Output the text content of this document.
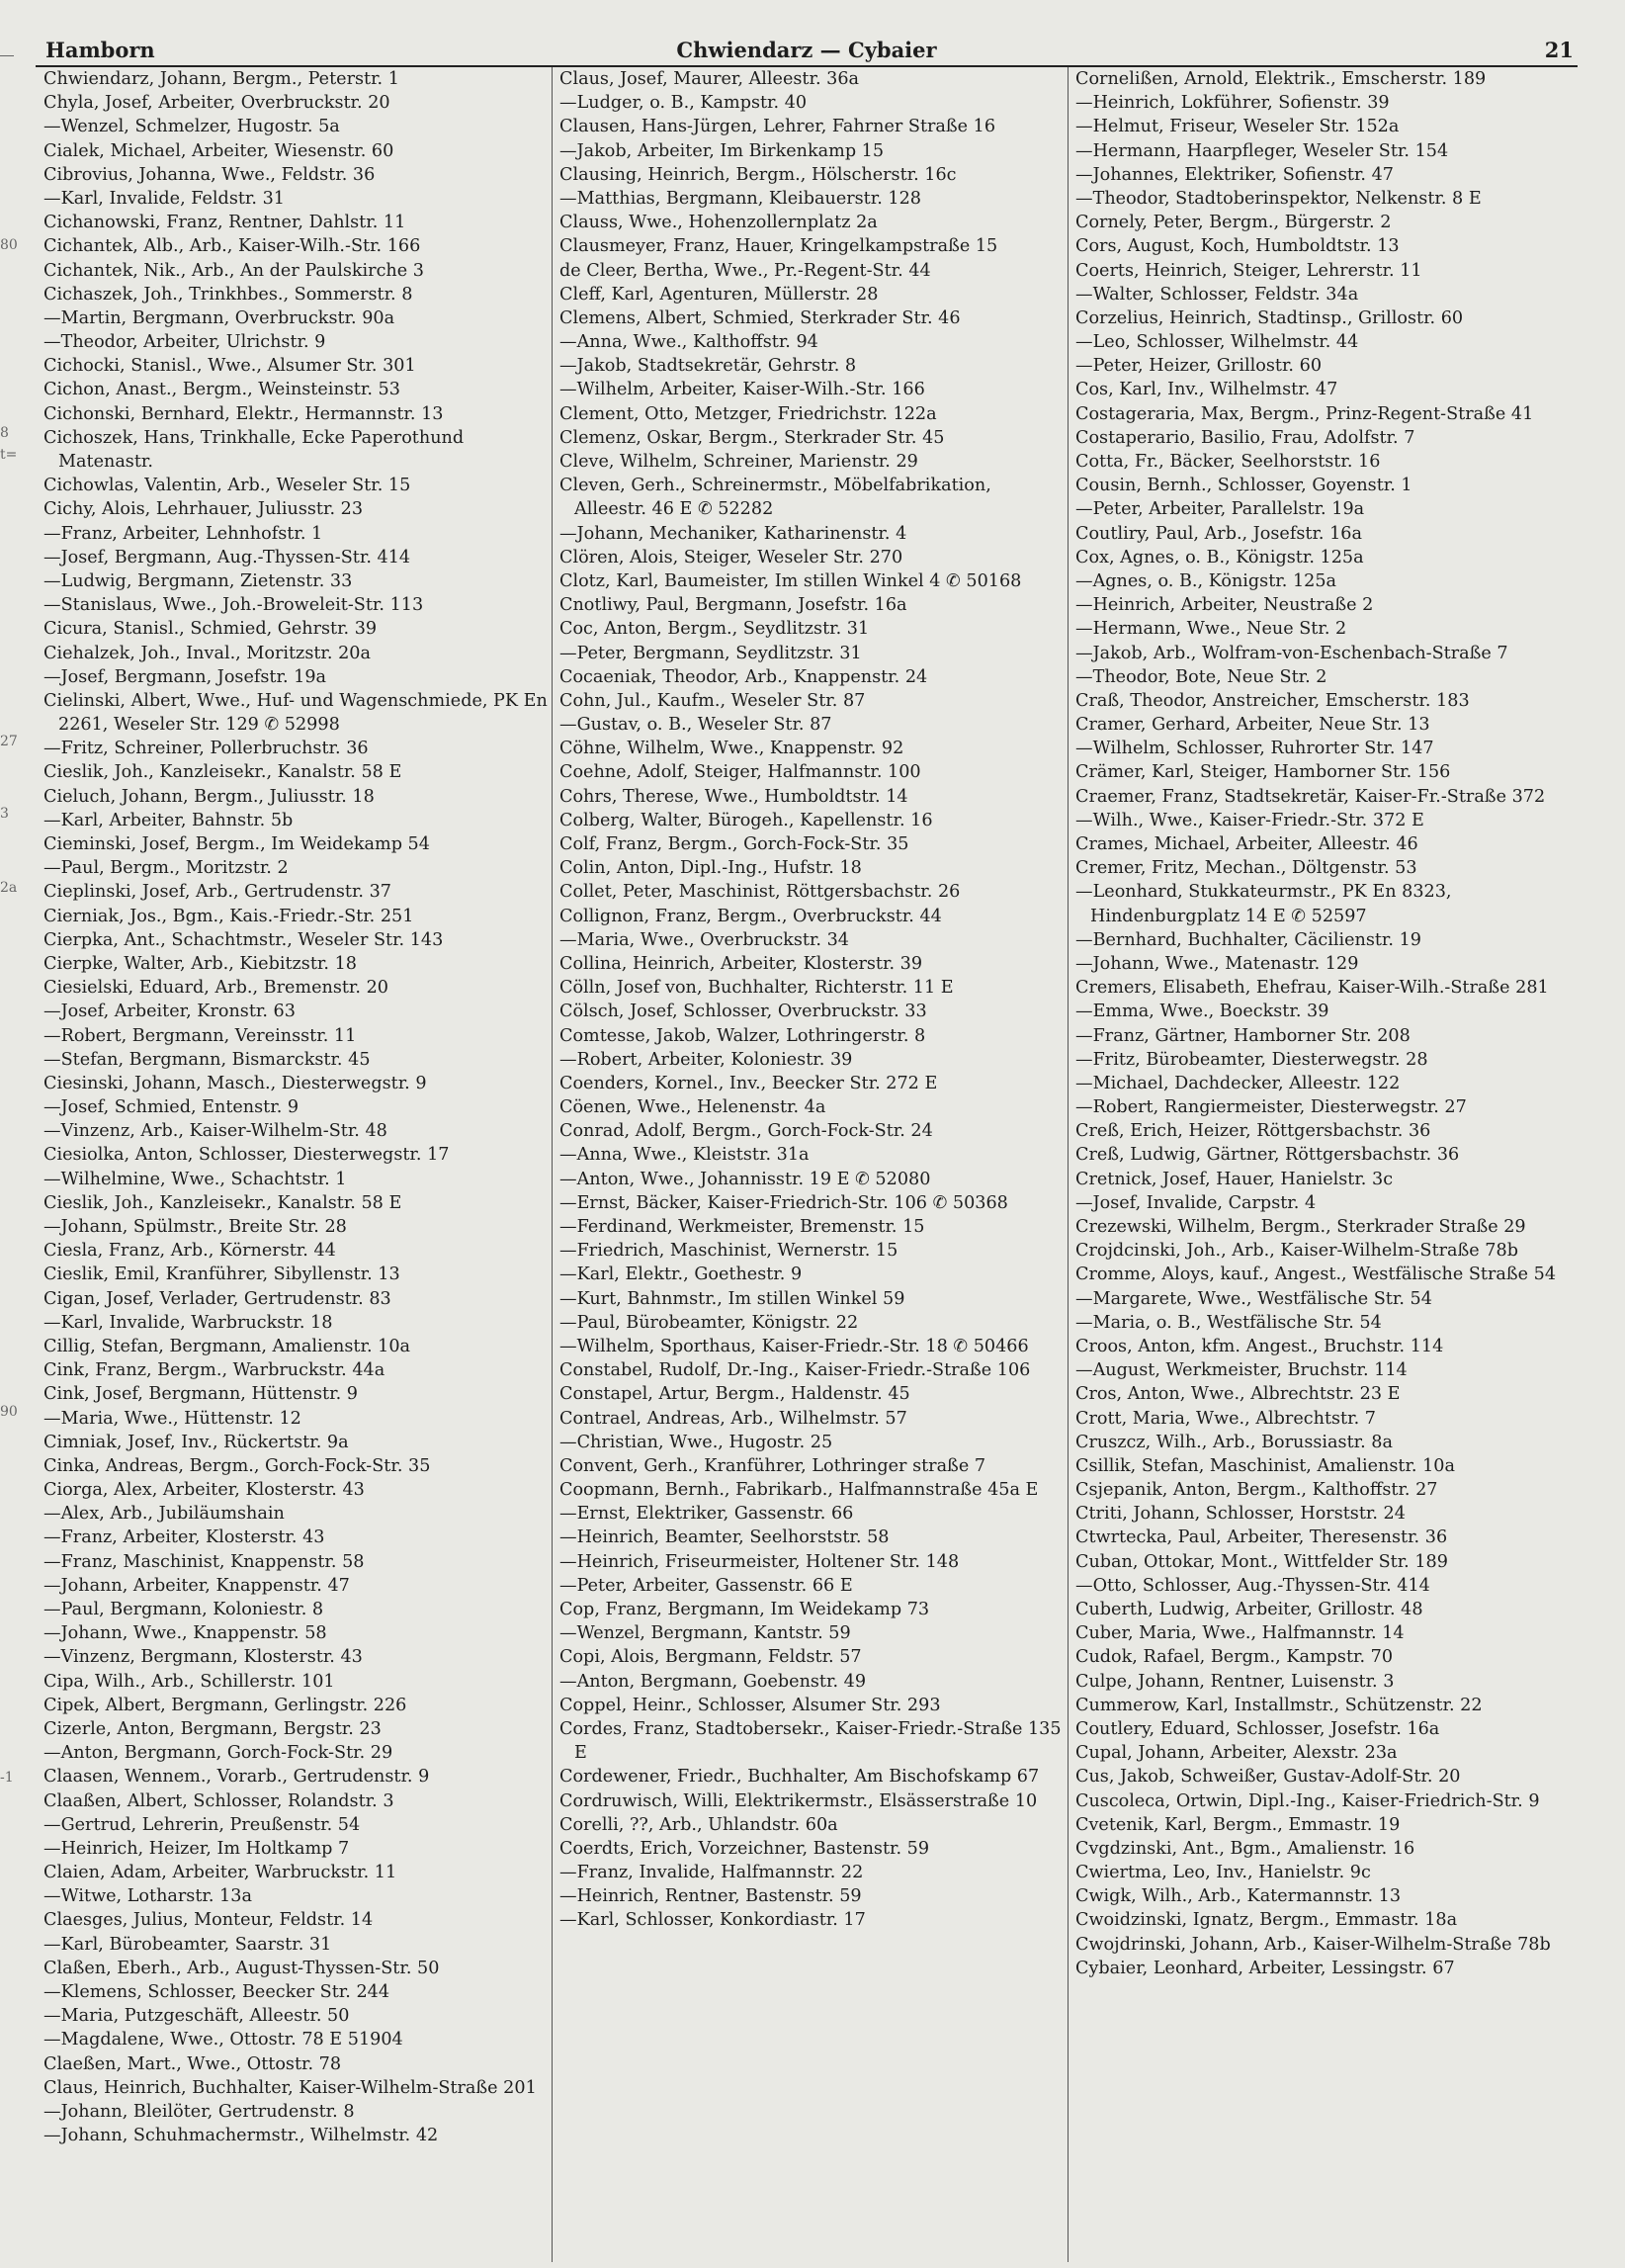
80
8
t=
27
3
2a
90
-1
Hamborn	Chwiendarz — Cybaier	21
Chwiendarz, Johann, Bergm., Peterstr. 1
Chyla, Josef, Arbeiter, Overbruckstr. 20
—Wenzel, Schmelzer, Hugostr. 5a
Cialek, Michael, Arbeiter, Wiesenstr. 60
Cibrovius, Johanna, Wwe., Feldstr. 36
—Karl, Invalide, Feldstr. 31
Cichanowski, Franz, Rentner, Dahlstr. 11
Cichantek, Alb., Arb., Kaiser-Wilh.-Str. 166
Cichantek, Nik., Arb., An der Paulskirche 3
Cichaszek, Joh., Trinkhbes., Sommerstr. 8
—Martin, Bergmann, Overbruckstr. 90a
—Theodor, Arbeiter, Ulrichstr. 9
Cichocki, Stanisl., Wwe., Alsumer Str. 301
Cichon, Anast., Bergm., Weinsteinstr. 53
Cichonski, Bernhard, Elektr., Hermannstr. 13
Cichoszek, Hans, Trinkhalle, Ecke Paperothund Matenastr.
Cichowlas, Valentin, Arb., Weseler Str. 15
Cichy, Alois, Lehrhauer, Juliusstr. 23
—Franz, Arbeiter, Lehnhofstr. 1
—Josef, Bergmann, Aug.-Thyssen-Str. 414
—Ludwig, Bergmann, Zietenstr. 33
—Stanislaus, Wwe., Joh.-Broweleit-Str. 113
Cicura, Stanisl., Schmied, Gehrstr. 39
Ciehalzek, Joh., Inval., Moritzstr. 20a
—Josef, Bergmann, Josefstr. 19a
Cielinski, Albert, Wwe., Huf- und Wagenschmiede, PK En 2261, Weseler Str. 129 ✆ 52998
—Fritz, Schreiner, Pollerbruchstr. 36
Cieslik, Joh., Kanzleisekr., Kanalstr. 58 E
Cieluch, Johann, Bergm., Juliusstr. 18
—Karl, Arbeiter, Bahnstr. 5b
Cieminski, Josef, Bergm., Im Weidekamp 54
—Paul, Bergm., Moritzstr. 2
Cieplinski, Josef, Arb., Gertrudenstr. 37
Cierniak, Jos., Bgm., Kais.-Friedr.-Str. 251
Cierpka, Ant., Schachtmstr., Weseler Str. 143
Cierpke, Walter, Arb., Kiebitzstr. 18
Ciesielski, Eduard, Arb., Bremenstr. 20
—Josef, Arbeiter, Kronstr. 63
—Robert, Bergmann, Vereinsstr. 11
—Stefan, Bergmann, Bismarckstr. 45
Ciesinski, Johann, Masch., Diesterwegstr. 9
—Josef, Schmied, Entenstr. 9
—Vinzenz, Arb., Kaiser-Wilhelm-Str. 48
Ciesiolka, Anton, Schlosser, Diesterwegstr. 17
—Wilhelmine, Wwe., Schachtstr. 1
Cieslik, Joh., Kanzleisekr., Kanalstr. 58 E
—Johann, Spülmstr., Breite Str. 28
Ciesla, Franz, Arb., Körnerstr. 44
Cieslik, Emil, Kranführer, Sibyllenstr. 13
Cigan, Josef, Verlader, Gertrudenstr. 83
—Karl, Invalide, Warbruckstr. 18
Cillig, Stefan, Bergmann, Amalienstr. 10a
Cink, Franz, Bergm., Warbruckstr. 44a
Cink, Josef, Bergmann, Hüttenstr. 9
—Maria, Wwe., Hüttenstr. 12
Cimniak, Josef, Inv., Rückertstr. 9a
Cinka, Andreas, Bergm., Gorch-Fock-Str. 35
Ciorga, Alex, Arbeiter, Klosterstr. 43
—Alex, Arb., Jubiläumshain
—Franz, Arbeiter, Klosterstr. 43
—Franz, Maschinist, Knappenstr. 58
—Johann, Arbeiter, Knappenstr. 47
—Paul, Bergmann, Koloniestr. 8
—Johann, Wwe., Knappenstr. 58
—Vinzenz, Bergmann, Klosterstr. 43
Cipa, Wilh., Arb., Schillerstr. 101
Cipek, Albert, Bergmann, Gerlingstr. 226
Cizerle, Anton, Bergmann, Bergstr. 23
—Anton, Bergmann, Gorch-Fock-Str. 29
Claasen, Wennem., Vorarb., Gertrudenstr. 9
Claaßen, Albert, Schlosser, Rolandstr. 3
—Gertrud, Lehrerin, Preußenstr. 54
—Heinrich, Heizer, Im Holtkamp 7
Claien, Adam, Arbeiter, Warbruckstr. 11
—Witwe, Lotharstr. 13a
Claesges, Julius, Monteur, Feldstr. 14
—Karl, Bürobeamter, Saarstr. 31
Claßen, Eberh., Arb., August-Thyssen-Str. 50
—Klemens, Schlosser, Beecker Str. 244
—Maria, Putzgeschäft, Alleestr. 50
—Magdalene, Wwe., Ottostr. 78 E 51904
Claeßen, Mart., Wwe., Ottostr. 78
Claus, Heinrich, Buchhalter, Kaiser-Wilhelm-Straße 201
—Johann, Bleilöter, Gertrudenstr. 8
—Johann, Schuhmachermstr., Wilhelmstr. 42
Claus, Josef, Maurer, Alleestr. 36a
—Ludger, o. B., Kampstr. 40
Clausen, Hans-Jürgen, Lehrer, Fahrner Straße 16
—Jakob, Arbeiter, Im Birkenkamp 15
Clausing, Heinrich, Bergm., Hölscherstr. 16c
—Matthias, Bergmann, Kleibauerstr. 128
Clauss, Wwe., Hohenzollernplatz 2a
Clausmeyer, Franz, Hauer, Kringelkampstraße 15
de Cleer, Bertha, Wwe., Pr.-Regent-Str. 44
Cleff, Karl, Agenturen, Müllerstr. 28
Clemens, Albert, Schmied, Sterkrader Str. 46
—Anna, Wwe., Kalthoffstr. 94
—Jakob, Stadtsekretär, Gehrstr. 8
—Wilhelm, Arbeiter, Kaiser-Wilh.-Str. 166
Clement, Otto, Metzger, Friedrichstr. 122a
Clemenz, Oskar, Bergm., Sterkrader Str. 45
Cleve, Wilhelm, Schreiner, Marienstr. 29
Cleven, Gerh., Schreinermstr., Möbelfabrikation, Alleestr. 46 E ✆ 52282
—Johann, Mechaniker, Katharinenstr. 4
Clören, Alois, Steiger, Weseler Str. 270
Clotz, Karl, Baumeister, Im stillen Winkel 4 ✆ 50168
Cnotliwy, Paul, Bergmann, Josefstr. 16a
Coc, Anton, Bergm., Seydlitzstr. 31
—Peter, Bergmann, Seydlitzstr. 31
Cocaeniak, Theodor, Arb., Knappenstr. 24
Cohn, Jul., Kaufm., Weseler Str. 87
—Gustav, o. B., Weseler Str. 87
Cöhne, Wilhelm, Wwe., Knappenstr. 92
Coehne, Adolf, Steiger, Halfmannstr. 100
Cohrs, Therese, Wwe., Humboldtstr. 14
Colberg, Walter, Bürogeh., Kapellenstr. 16
Colf, Franz, Bergm., Gorch-Fock-Str. 35
Colin, Anton, Dipl.-Ing., Hufstr. 18
Collet, Peter, Maschinist, Röttgersbachstr. 26
Collignon, Franz, Bergm., Overbruckstr. 44
—Maria, Wwe., Overbruckstr. 34
Collina, Heinrich, Arbeiter, Klosterstr. 39
Cölln, Josef von, Buchhalter, Richterstr. 11 E
Cölsch, Josef, Schlosser, Overbruckstr. 33
Comtesse, Jakob, Walzer, Lothringerstr. 8
—Robert, Arbeiter, Koloniestr. 39
Coenders, Kornel., Inv., Beecker Str. 272 E
Cöenen, Wwe., Helenenstr. 4a
Conrad, Adolf, Bergm., Gorch-Fock-Str. 24
—Anna, Wwe., Kleiststr. 31a
—Anton, Wwe., Johannisstr. 19 E ✆ 52080
—Ernst, Bäcker, Kaiser-Friedrich-Str. 106 ✆ 50368
—Ferdinand, Werkmeister, Bremenstr. 15
—Friedrich, Maschinist, Wernerstr. 15
—Karl, Elektr., Goethestr. 9
—Kurt, Bahnmstr., Im stillen Winkel 59
—Paul, Bürobeamter, Königstr. 22
—Wilhelm, Sporthaus, Kaiser-Friedr.-Str. 18 ✆ 50466
Constabel, Rudolf, Dr.-Ing., Kaiser-Friedr.-Straße 106
Constapel, Artur, Bergm., Haldenstr. 45
Contrael, Andreas, Arb., Wilhelmstr. 57
—Christian, Wwe., Hugostr. 25
Convent, Gerh., Kranführer, Lothringer straße 7
Coopmann, Bernh., Fabrikarb., Halfmannstraße 45a E
—Ernst, Elektriker, Gassenstr. 66
—Heinrich, Beamter, Seelhorststr. 58
—Heinrich, Friseurmeister, Holtener Str. 148
—Peter, Arbeiter, Gassenstr. 66 E
Cop, Franz, Bergmann, Im Weidekamp 73
—Wenzel, Bergmann, Kantstr. 59
Copi, Alois, Bergmann, Feldstr. 57
—Anton, Bergmann, Goebenstr. 49
Coppel, Heinr., Schlosser, Alsumer Str. 293
Cordes, Franz, Stadtobersekr., Kaiser-Friedr.-Straße 135 E
Cordewener, Friedr., Buchhalter, Am Bischofskamp 67
Cordruwisch, Willi, Elektrikermstr., Elsässerstraße 10
Corelli, ??, Arb., Uhlandstr. 60a
Coerdts, Erich, Vorzeichner, Bastenstr. 59
—Franz, Invalide, Halfmannstr. 22
—Heinrich, Rentner, Bastenstr. 59
—Karl, Schlosser, Konkordiastr. 17
Cornelißen, Arnold, Elektrik., Emscherstr. 189
—Heinrich, Lokführer, Sofienstr. 39
—Helmut, Friseur, Weseler Str. 152a
—Hermann, Haarpfleger, Weseler Str. 154
—Johannes, Elektriker, Sofienstr. 47
—Theodor, Stadtoberinspektor, Nelkenstr. 8 E
Cornely, Peter, Bergm., Bürgerstr. 2
Cors, August, Koch, Humboldtstr. 13
Coerts, Heinrich, Steiger, Lehrerstr. 11
—Walter, Schlosser, Feldstr. 34a
Corzelius, Heinrich, Stadtinsp., Grillostr. 60
—Leo, Schlosser, Wilhelmstr. 44
—Peter, Heizer, Grillostr. 60
Cos, Karl, Inv., Wilhelmstr. 47
Costageraria, Max, Bergm., Prinz-Regent-Straße 41
Costaperario, Basilio, Frau, Adolfstr. 7
Cotta, Fr., Bäcker, Seelhorststr. 16
Cousin, Bernh., Schlosser, Goyenstr. 1
—Peter, Arbeiter, Parallelstr. 19a
Coutliry, Paul, Arb., Josefstr. 16a
Cox, Agnes, o. B., Königstr. 125a
—Agnes, o. B., Königstr. 125a
—Heinrich, Arbeiter, Neustraße 2
—Hermann, Wwe., Neue Str. 2
—Jakob, Arb., Wolfram-von-Eschenbach-Straße 7
—Theodor, Bote, Neue Str. 2
Craß, Theodor, Anstreicher, Emscherstr. 183
Cramer, Gerhard, Arbeiter, Neue Str. 13
—Wilhelm, Schlosser, Ruhrorter Str. 147
Crämer, Karl, Steiger, Hamborner Str. 156
Craemer, Franz, Stadtsekretär, Kaiser-Fr.-Straße 372
—Wilh., Wwe., Kaiser-Friedr.-Str. 372 E
Crames, Michael, Arbeiter, Alleestr. 46
Cremer, Fritz, Mechan., Döltgenstr. 53
—Leonhard, Stukkateurmstr., PK En 8323, Hindenburgplatz 14 E ✆ 52597
—Bernhard, Buchhalter, Cäcilienstr. 19
—Johann, Wwe., Matenastr. 129
Cremers, Elisabeth, Ehefrau, Kaiser-Wilh.-Straße 281
—Emma, Wwe., Boeckstr. 39
—Franz, Gärtner, Hamborner Str. 208
—Fritz, Bürobeamter, Diesterwegstr. 28
—Michael, Dachdecker, Alleestr. 122
—Robert, Rangiermeister, Diesterwegstr. 27
Creß, Erich, Heizer, Röttgersbachstr. 36
Creß, Ludwig, Gärtner, Röttgersbachstr. 36
Cretnick, Josef, Hauer, Hanielstr. 3c
—Josef, Invalide, Carpstr. 4
Crezewski, Wilhelm, Bergm., Sterkrader Straße 29
Crojdcinski, Joh., Arb., Kaiser-Wilhelm-Straße 78b
Cromme, Aloys, kauf., Angest., Westfälische Straße 54
—Margarete, Wwe., Westfälische Str. 54
—Maria, o. B., Westfälische Str. 54
Croos, Anton, kfm. Angest., Bruchstr. 114
—August, Werkmeister, Bruchstr. 114
Cros, Anton, Wwe., Albrechtstr. 23 E
Crott, Maria, Wwe., Albrechtstr. 7
Cruszcz, Wilh., Arb., Borussiastr. 8a
Csillik, Stefan, Maschinist, Amalienstr. 10a
Csjepanik, Anton, Bergm., Kalthoffstr. 27
Ctriti, Johann, Schlosser, Horststr. 24
Ctwrtecka, Paul, Arbeiter, Theresenstr. 36
Cuban, Ottokar, Mont., Wittfelder Str. 189
—Otto, Schlosser, Aug.-Thyssen-Str. 414
Cuberth, Ludwig, Arbeiter, Grillostr. 48
Cuber, Maria, Wwe., Halfmannstr. 14
Cudok, Rafael, Bergm., Kampstr. 70
Culpe, Johann, Rentner, Luisenstr. 3
Cummerow, Karl, Installmstr., Schützenstr. 22
Coutlery, Eduard, Schlosser, Josefstr. 16a
Cupal, Johann, Arbeiter, Alexstr. 23a
Cus, Jakob, Schweißer, Gustav-Adolf-Str. 20
Cuscoleca, Ortwin, Dipl.-Ing., Kaiser-Friedrich-Str. 9
Cvetenik, Karl, Bergm., Emmastr. 19
Cvgdzinski, Ant., Bgm., Amalienstr. 16
Cwiertma, Leo, Inv., Hanielstr. 9c
Cwigk, Wilh., Arb., Katermannstr. 13
Cwoidzinski, Ignatz, Bergm., Emmastr. 18a
Cwojdrinski, Johann, Arb., Kaiser-Wilhelm-Straße 78b
Cybaier, Leonhard, Arbeiter, Lessingstr. 67
